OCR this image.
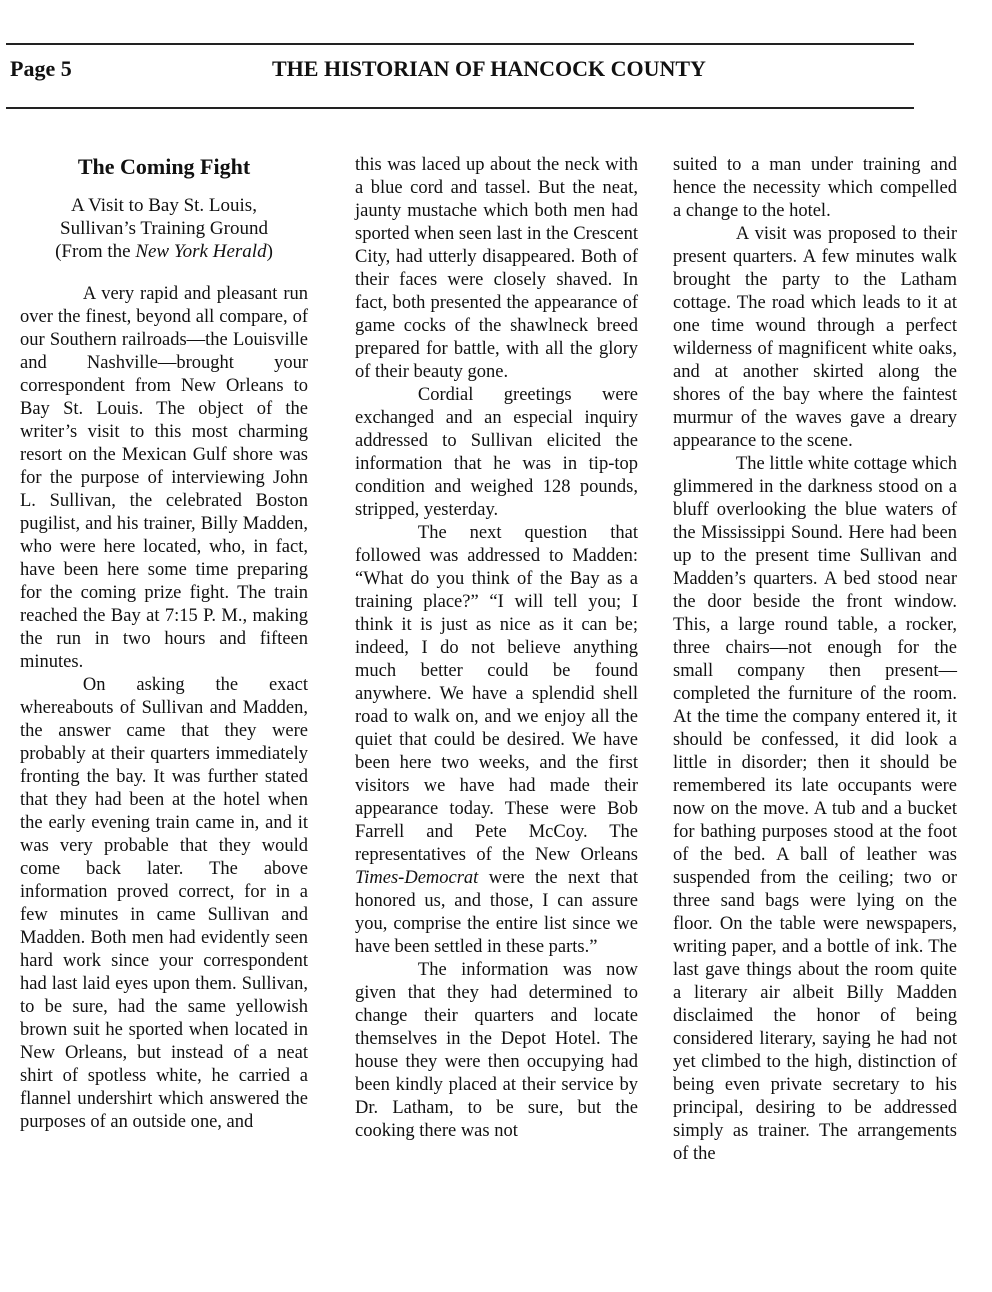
Page 5	THE HISTORIAN OF HANCOCK COUNTY
The Coming Fight
A Visit to Bay St. Louis,
Sullivan’s Training Ground
(From the New York Herald)

A very rapid and pleasant run over the finest, beyond all compare, of our Southern railroads—the Louisville and Nashville—brought your correspondent from New Orleans to Bay St. Louis. The object of the writer’s visit to this most charming resort on the Mexican Gulf shore was for the purpose of interviewing John L. Sullivan, the celebrated Boston pugilist, and his trainer, Billy Madden, who were here located, who, in fact, have been here some time preparing for the coming prize fight. The train reached the Bay at 7:15 P. M., making the run in two hours and fifteen minutes.

On asking the exact whereabouts of Sullivan and Madden, the answer came that they were probably at their quarters immediately fronting the bay. It was further stated that they had been at the hotel when the early evening train came in, and it was very probable that they would come back later. The above information proved correct, for in a few minutes in came Sullivan and Madden. Both men had evidently seen hard work since your correspondent had last laid eyes upon them. Sullivan, to be sure, had the same yellowish brown suit he sported when located in New Orleans, but instead of a neat shirt of spotless white, he carried a flannel undershirt which answered the purposes of an outside one, and

this was laced up about the neck with a blue cord and tassel. But the neat, jaunty mustache which both men had sported when seen last in the Crescent City, had utterly disappeared. Both of their faces were closely shaved. In fact, both presented the appearance of game cocks of the shawlneck breed prepared for battle, with all the glory of their beauty gone.

Cordial greetings were exchanged and an especial inquiry addressed to Sullivan elicited the information that he was in tip-top condition and weighed 128 pounds, stripped, yesterday.

The next question that followed was addressed to Madden: “What do you think of the Bay as a training place?” “I will tell you; I think it is just as nice as it can be; indeed, I do not believe anything much better could be found anywhere. We have a splendid shell road to walk on, and we enjoy all the quiet that could be desired. We have been here two weeks, and the first visitors we have had made their appearance today. These were Bob Farrell and Pete McCoy. The representatives of the New Orleans Times-Democrat were the next that honored us, and those, I can assure you, comprise the entire list since we have been settled in these parts.”

The information was now given that they had determined to change their quarters and locate themselves in the Depot Hotel. The house they were then occupying had been kindly placed at their service by Dr. Latham, to be sure, but the cooking there was not

suited to a man under training and hence the necessity which compelled a change to the hotel.

A visit was proposed to their present quarters. A few minutes walk brought the party to the Latham cottage. The road which leads to it at one time wound through a perfect wilderness of magnificent white oaks, and at another skirted along the shores of the bay where the faintest murmur of the waves gave a dreary appearance to the scene.

The little white cottage which glimmered in the darkness stood on a bluff overlooking the blue waters of the Mississippi Sound. Here had been up to the present time Sullivan and Madden’s quarters. A bed stood near the door beside the front window. This, a large round table, a rocker, three chairs—not enough for the small company then present—completed the furniture of the room. At the time the company entered it, it should be confessed, it did look a little in disorder; then it should be remembered its late occupants were now on the move. A tub and a bucket for bathing purposes stood at the foot of the bed. A ball of leather was suspended from the ceiling; two or three sand bags were lying on the floor. On the table were newspapers, writing paper, and a bottle of ink. The last gave things about the room quite a literary air albeit Billy Madden disclaimed the honor of being considered literary, saying he had not yet climbed to the high, distinction of being even private secretary to his principal, desiring to be addressed simply as trainer. The arrangements of the
